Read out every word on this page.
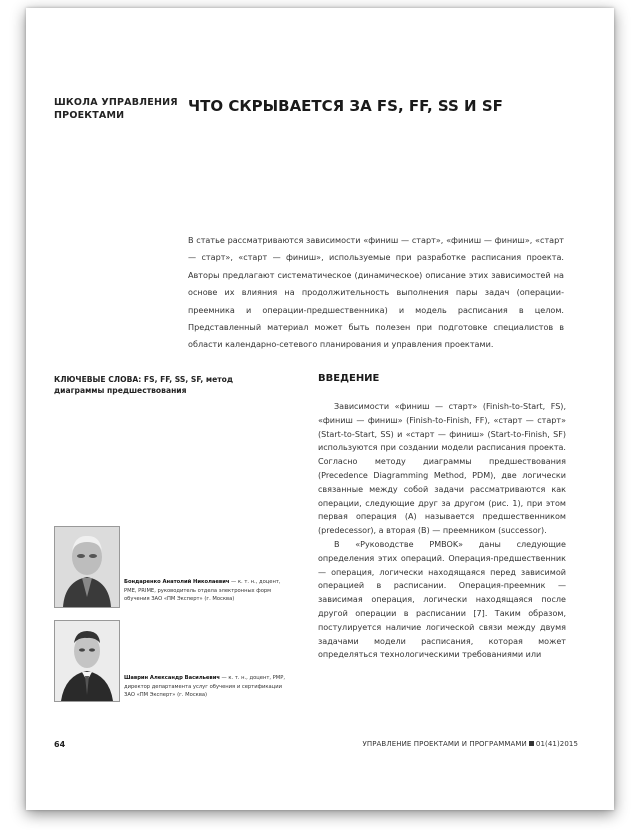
ШКОЛА УПРАВЛЕНИЯ ПРОЕКТАМИ
ЧТО СКРЫВАЕТСЯ ЗА FS, FF, SS И SF
В статье рассматриваются зависимости «финиш — старт», «финиш — финиш», «старт — старт», «старт — финиш», используемые при разработке расписания проекта. Авторы предлагают систематическое (динамическое) описание этих зависимостей на основе их влияния на продолжительность выполнения пары задач (операции-преемника и операции-предшественника) и модель расписания в целом. Представленный материал может быть полезен при подготовке специалистов в области календарно-сетевого планирования и управления проектами.
КЛЮЧЕВЫЕ СЛОВА: FS, FF, SS, SF, метод диаграммы предшествования
ВВЕДЕНИЕ

Зависимости «финиш — старт» (Finish-to-Start, FS), «финиш — финиш» (Finish-to-Finish, FF), «старт — старт» (Start-to-Start, SS) и «старт — финиш» (Start-to-Finish, SF) используются при создании модели расписания проекта. Согласно методу диаграммы предшествования (Precedence Diagramming Method, PDM), две логически связанные между собой задачи рассматриваются как операции, следующие друг за другом (рис. 1), при этом первая операция (A) называется предшественником (predecessor), а вторая (B) — преемником (successor).

В «Руководстве PMBOK» даны следующие определения этих операций. Операция-предшественник — операция, логически находящаяся перед зависимой операцией в расписании. Операция-преемник — зависимая операция, логически находящаяся после другой операции в расписании [7]. Таким образом, постулируется наличие логической связи между двумя задачами модели расписания, которая может определяться технологическими требованиями или

Бондаренко Анатолий Николаевич — к. т. н., доцент, PME, PRIME, руководитель отдела электронных форм обучения ЗАО «ПМ Эксперт» (г. Москва)
Шаврин Александр Васильевич — к. т. н., доцент, PMP, директор департамента услуг обучения и сертификации ЗАО «ПМ Эксперт» (г. Москва)
64	УПРАВЛЕНИЕ ПРОЕКТАМИ И ПРОГРАММАМИ 01(41)2015
